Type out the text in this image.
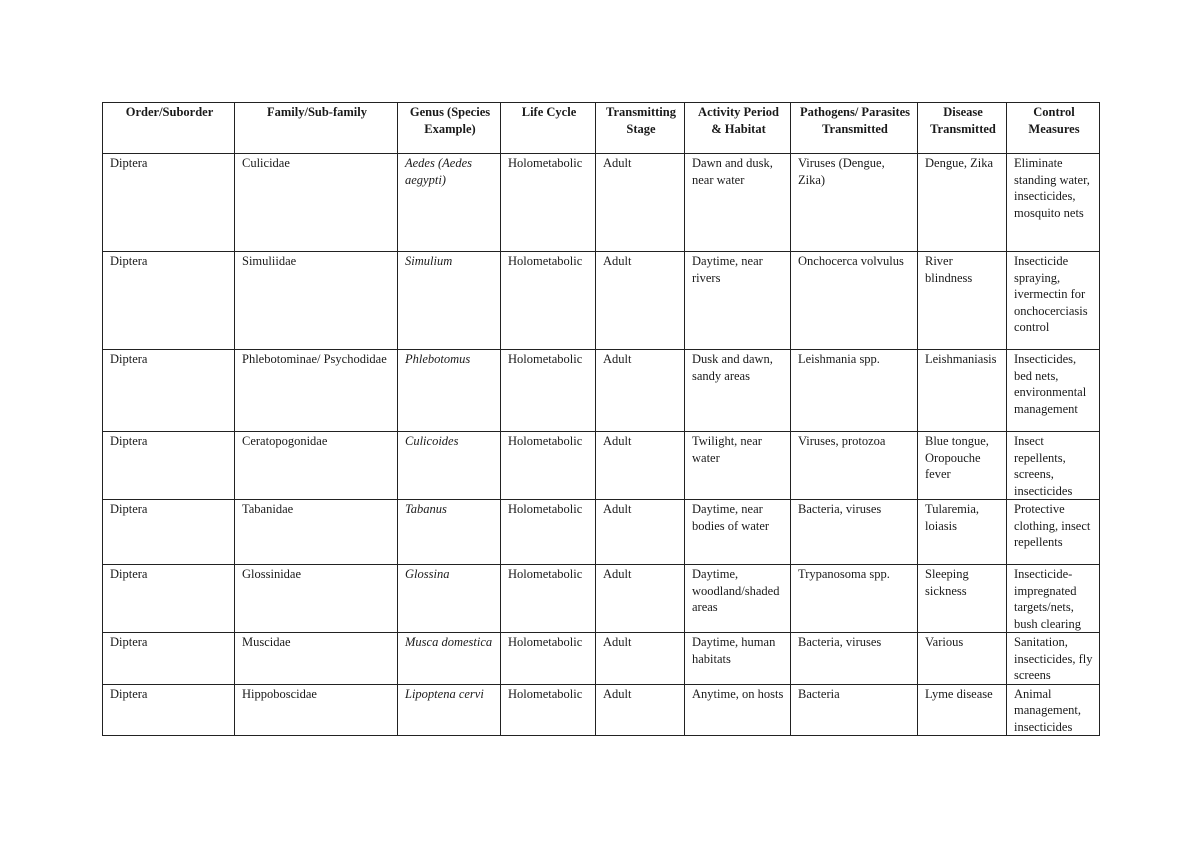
Order/Suborder	Family/Sub-family	Genus (Species Example)	Life Cycle	Transmitting Stage	Activity Period & Habitat	Pathogens/ Parasites Transmitted	Disease Transmitted	Control Measures
Diptera	Culicidae	Aedes (Aedes aegypti)	Holometabolic	Adult	Dawn and dusk, near water	Viruses (Dengue, Zika)	Dengue, Zika	Eliminate standing water, insecticides, mosquito nets
Diptera	Simuliidae	Simulium	Holometabolic	Adult	Daytime, near rivers	Onchocerca volvulus	River blindness	Insecticide spraying, ivermectin for onchocerciasis control
Diptera	Phlebotominae/ Psychodidae	Phlebotomus	Holometabolic	Adult	Dusk and dawn, sandy areas	Leishmania spp.	Leishmaniasis	Insecticides, bed nets, environmental management
Diptera	Ceratopogonidae	Culicoides	Holometabolic	Adult	Twilight, near water	Viruses, protozoa	Blue tongue, Oropouche fever	Insect repellents, screens, insecticides
Diptera	Tabanidae	Tabanus	Holometabolic	Adult	Daytime, near bodies of water	Bacteria, viruses	Tularemia, loiasis	Protective clothing, insect repellents
Diptera	Glossinidae	Glossina	Holometabolic	Adult	Daytime, woodland/shaded areas	Trypanosoma spp.	Sleeping sickness	Insecticide-impregnated targets/nets, bush clearing
Diptera	Muscidae	Musca domestica	Holometabolic	Adult	Daytime, human habitats	Bacteria, viruses	Various	Sanitation, insecticides, fly screens
Diptera	Hippoboscidae	Lipoptena cervi	Holometabolic	Adult	Anytime, on hosts	Bacteria	Lyme disease	Animal management, insecticides
